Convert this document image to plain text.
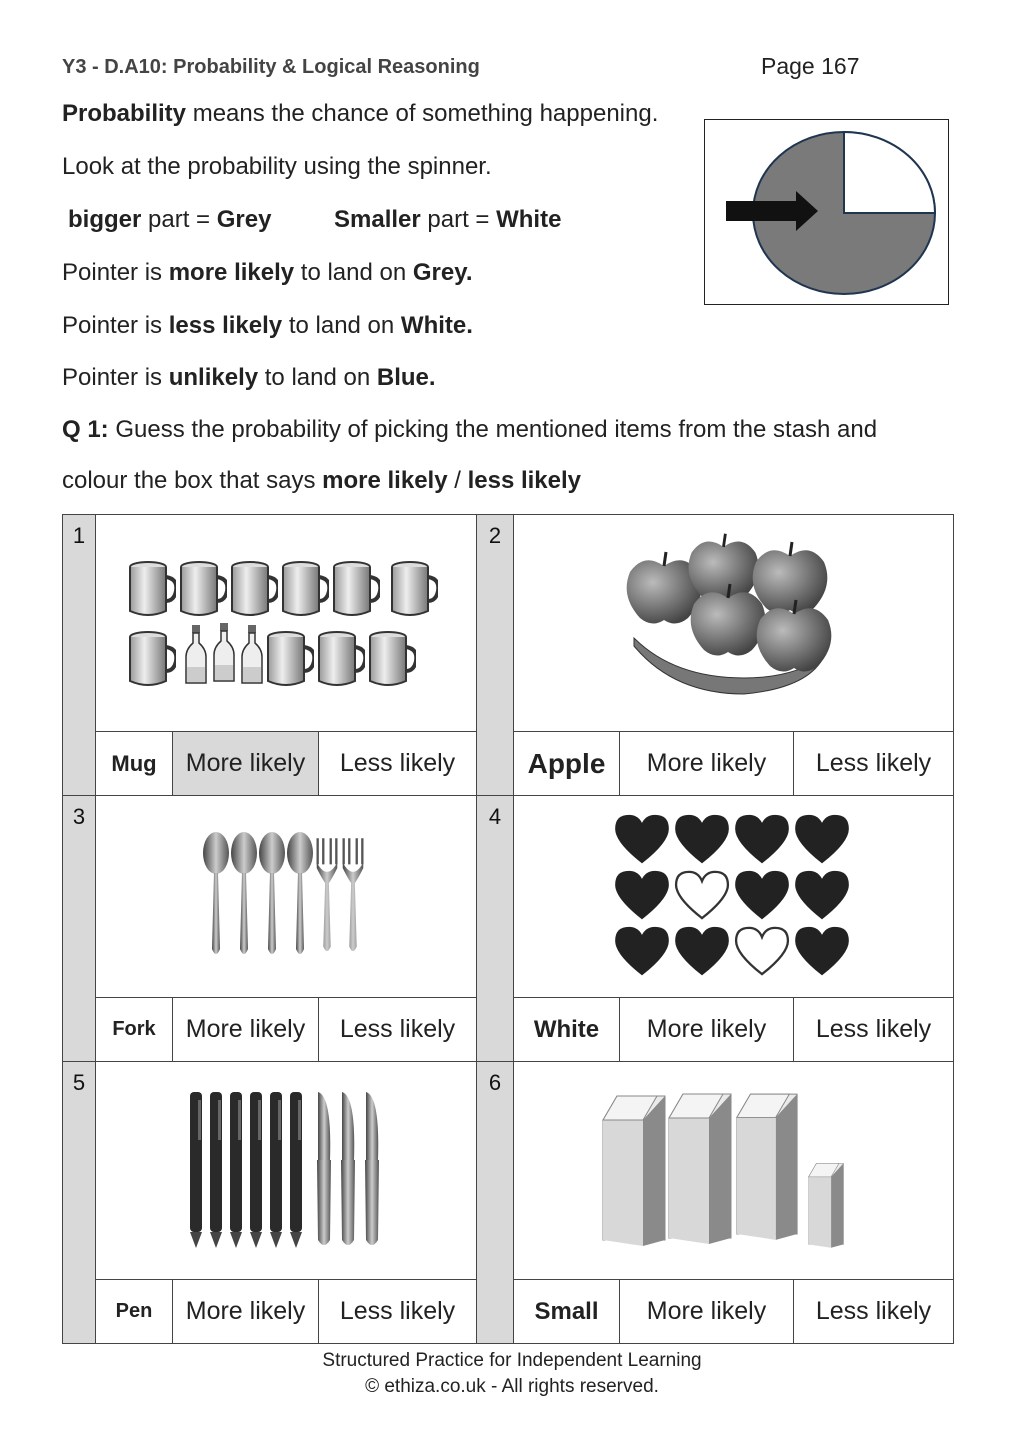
Y3 - D.A10: Probability & Logical Reasoning	Page 167
Probability means the chance of something happening.
Look at the probability using the spinner.
bigger part = Grey	Smaller part = White
Pointer is more likely to land on Grey.
Pointer is less likely to land on White.
Pointer is unlikely to land on Blue.
Q 1: Guess the probability of picking the mentioned items from the stash and
colour the box that says more likely / less likely
1				2	

	Mug	More likely	Less likely		Apple	More likely	Less likely
3				4	

	Fork	More likely	Less likely		White	More likely	Less likely
5				6	

	Pen	More likely	Less likely		Small	More likely	Less likely
Structured Practice for Independent Learning
© ethiza.co.uk - All rights reserved.
